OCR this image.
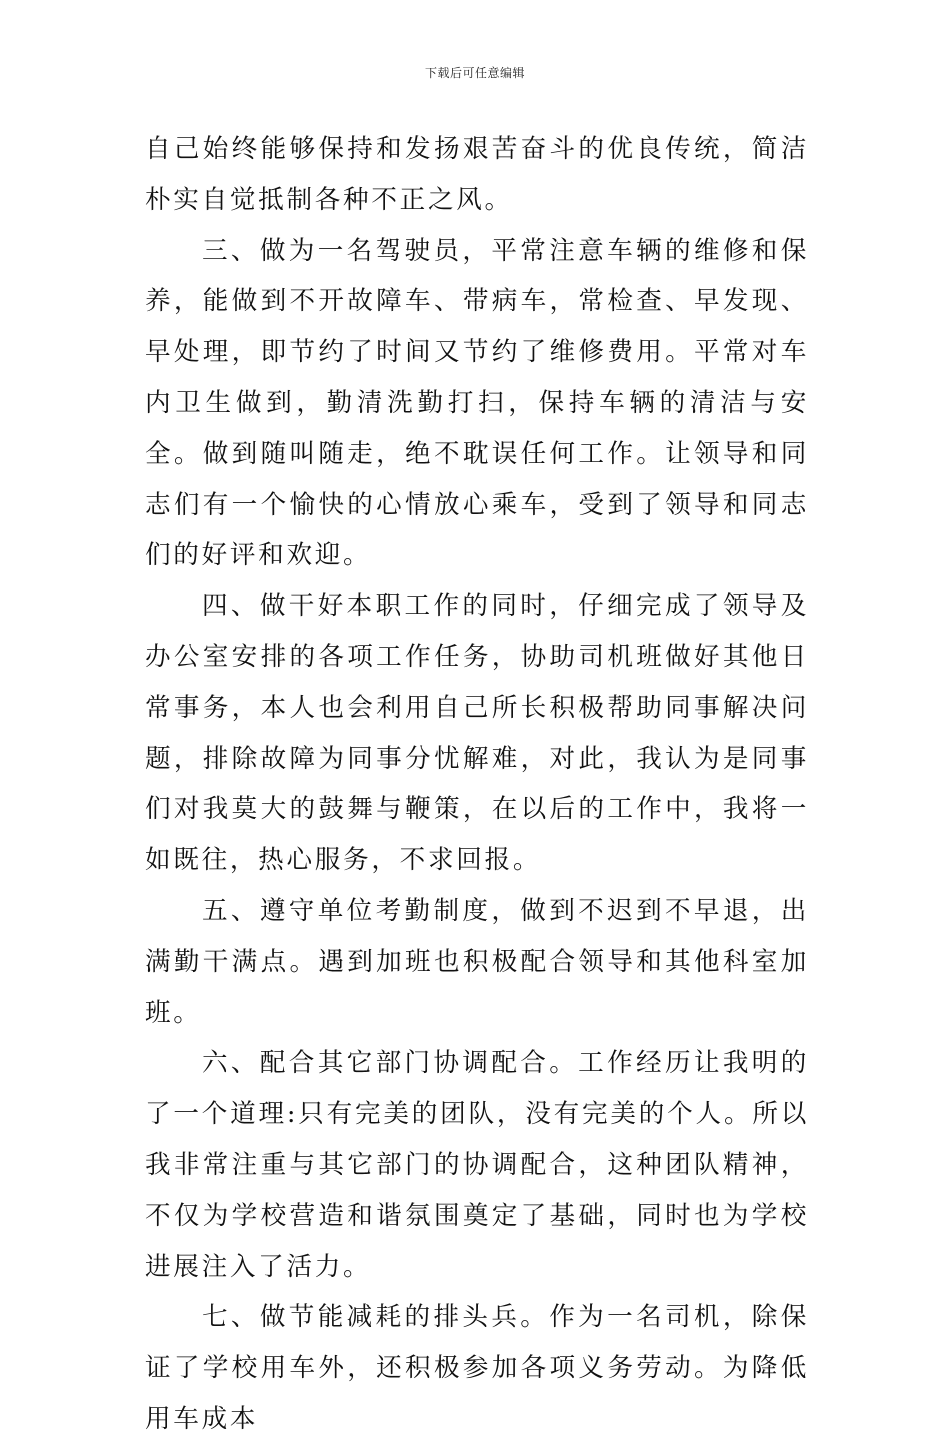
下载后可任意编辑

自己始终能够保持和发扬艰苦奋斗的优良传统，简洁朴实自觉抵制各种不正之风。

三、做为一名驾驶员，平常注意车辆的维修和保养，能做到不开故障车、带病车，常检查、早发现、早处理，即节约了时间又节约了维修费用。平常对车内卫生做到，勤清洗勤打扫，保持车辆的清洁与安全。做到随叫随走，绝不耽误任何工作。让领导和同志们有一个愉快的心情放心乘车，受到了领导和同志们的好评和欢迎。

四、做干好本职工作的同时，仔细完成了领导及办公室安排的各项工作任务，协助司机班做好其他日常事务，本人也会利用自己所长积极帮助同事解决问题，排除故障为同事分忧解难，对此，我认为是同事们对我莫大的鼓舞与鞭策，在以后的工作中，我将一如既往，热心服务，不求回报。

五、遵守单位考勤制度，做到不迟到不早退，出满勤干满点。遇到加班也积极配合领导和其他科室加班。

六、配合其它部门协调配合。工作经历让我明的了一个道理:只有完美的团队，没有完美的个人。所以我非常注重与其它部门的协调配合，这种团队精神，不仅为学校营造和谐氛围奠定了基础，同时也为学校进展注入了活力。

七、做节能减耗的排头兵。作为一名司机，除保证了学校用车外，还积极参加各项义务劳动。为降低用车成本
